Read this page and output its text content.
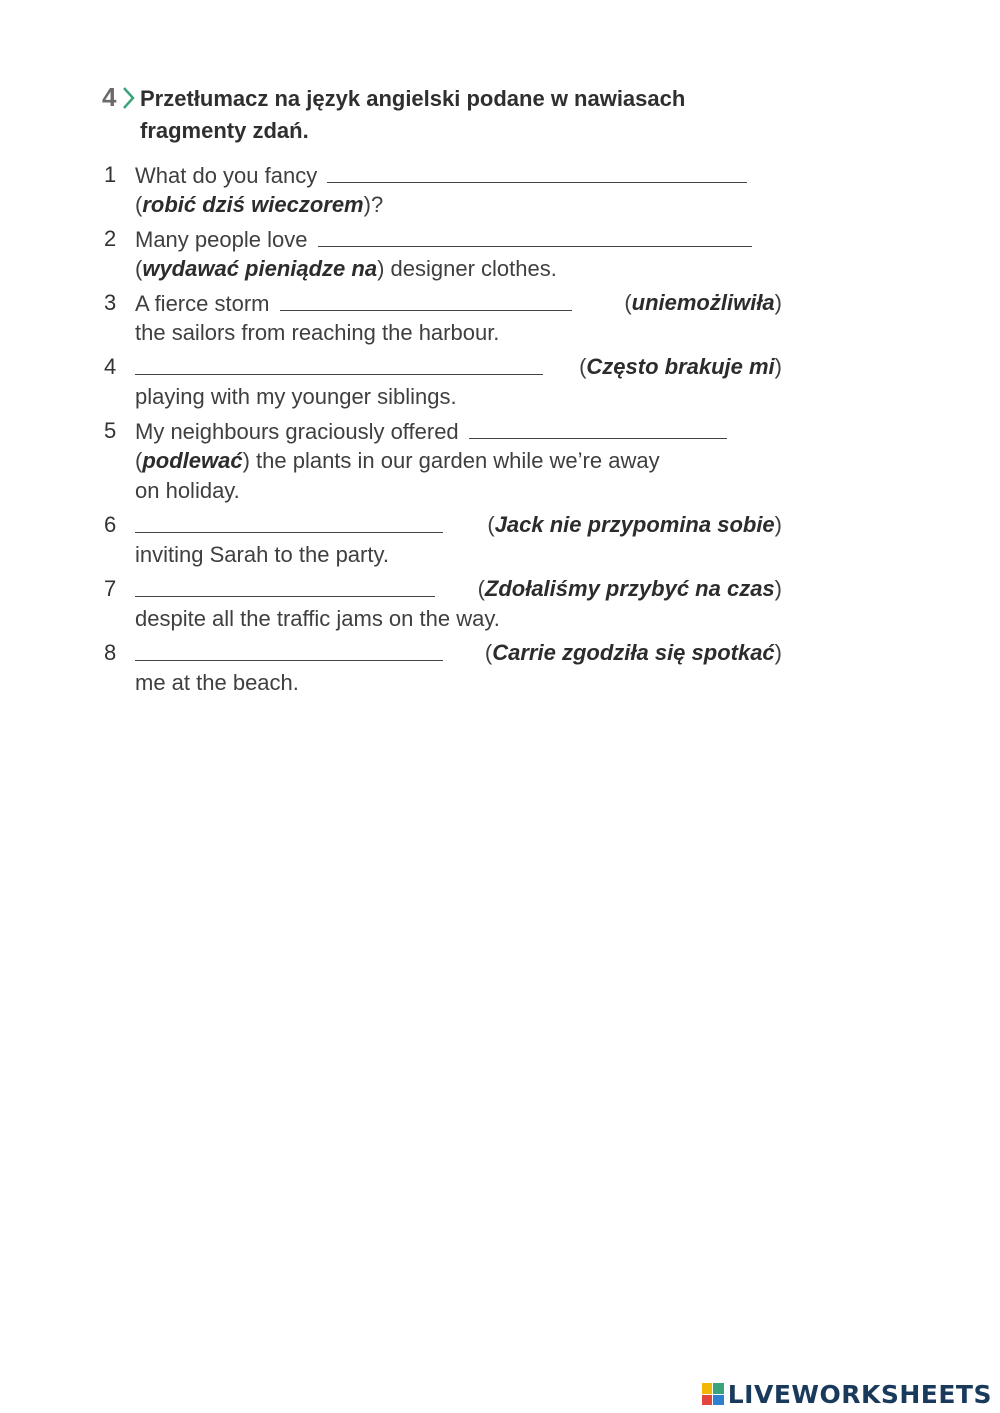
4 Przetłumacz na język angielski podane w nawiasach
fragmenty zdań.
1 What do you fancy
(robić dziś wieczorem)?
2 Many people love
(wydawać pieniądze na) designer clothes.
3 A fierce storm	(uniemożliwiła)
the sailors from reaching the harbour.
4	(Często brakuje mi)
playing with my younger siblings.
5 My neighbours graciously offered
(podlewać) the plants in our garden while we’re away
on holiday.
6	(Jack nie przypomina sobie)
inviting Sarah to the party.
7	(Zdołaliśmy przybyć na czas)
despite all the traffic jams on the way.
8	(Carrie zgodziła się spotkać)
me at the beach.
LIVEWORKSHEETS
